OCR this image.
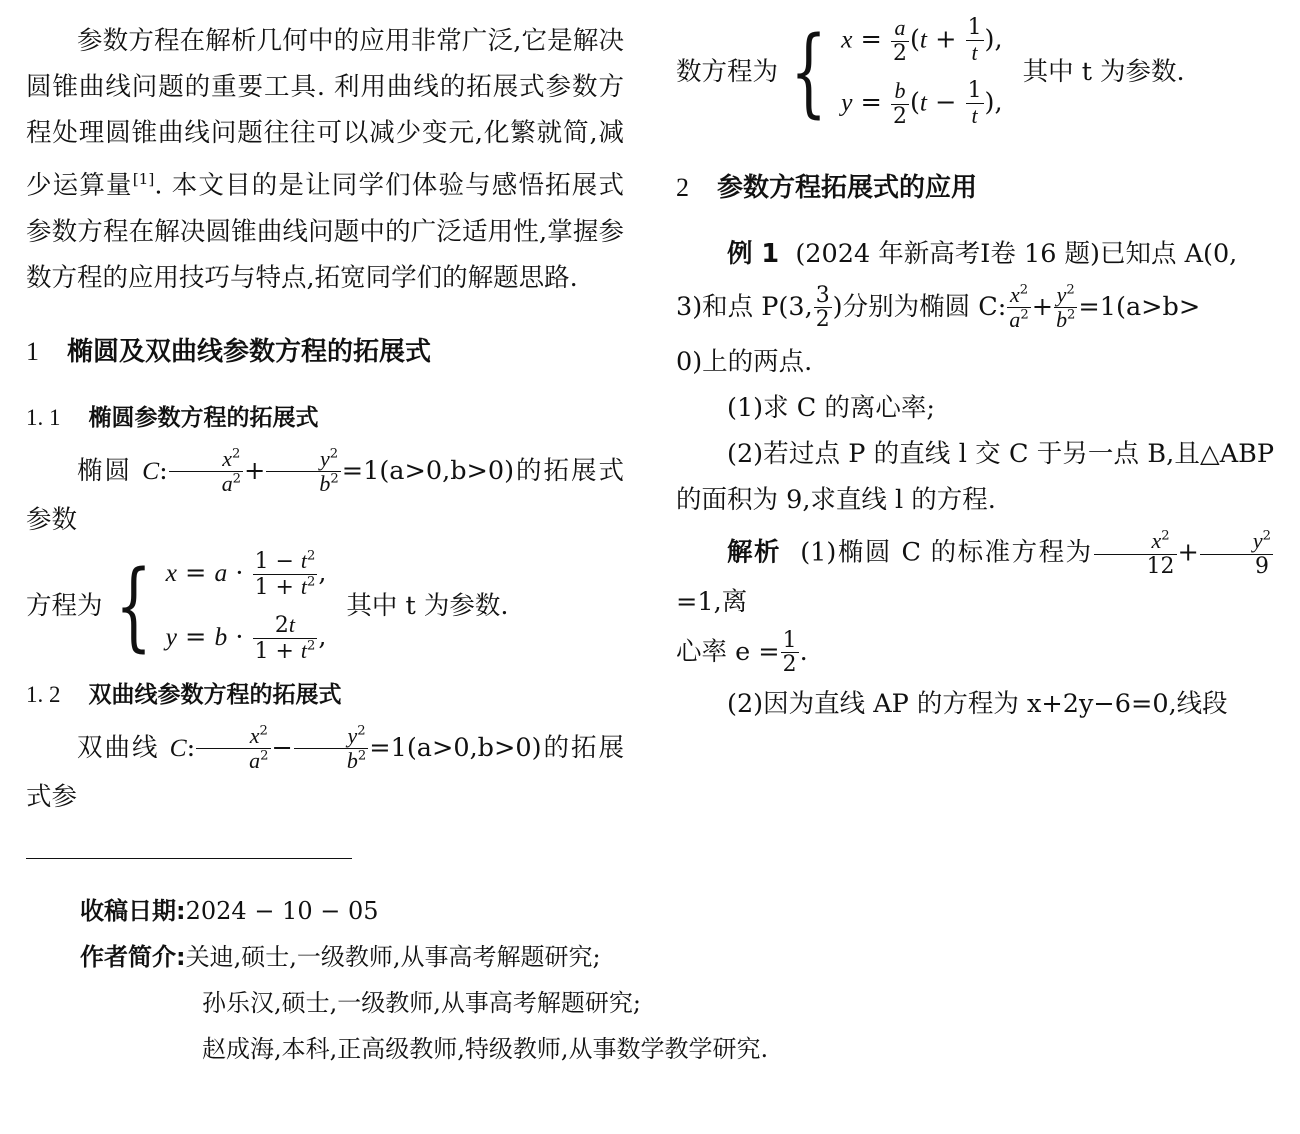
参数方程在解析几何中的应用非常广泛,它是解决圆锥曲线问题的重要工具. 利用曲线的拓展式参数方程处理圆锥曲线问题往往可以减少变元,化繁就简,减少运算量[1]. 本文目的是让同学们体验与感悟拓展式参数方程在解决圆锥曲线问题中的广泛适用性,掌握参数方程的应用技巧与特点,拓宽同学们的解题思路.

1 椭圆及双曲线参数方程的拓展式
1. 1 椭圆参数方程的拓展式

椭圆 C: $\frac{x^2}{a^2} + \frac{y^2}{b^2} =1(a>0,b>0)$的拓展式参数

方程为 { $x = a \cdot \frac{1 - t^2}{1 + t^2}$ ,
$y = b \cdot \frac{2t}{1 + t^2}$ ,
其中 t 为参数.
1. 2 双曲线参数方程的拓展式

双曲线 C: $\frac{x^2}{a^2} - \frac{y^2}{b^2} =1(a>0,b>0)$的拓展式参

数方程为 { $x = \frac{a}{2} (t + \frac{1}{t}$ ),
$y = \frac{b}{2} (t - \frac{1}{t}$ ),
其中 t 为参数.
2 参数方程拓展式的应用

例 1 (2024 年新高考Ⅰ卷 16 题)已知点 A(0,

3)和点 P(3, $\frac{3}{2}$ )分别为椭圆 C: $\frac{x^2}{a^2} + \frac{y^2}{b^2} =1(a>b>$

0)上的两点.

(1)求 C 的离心率;

(2)若过点 P 的直线 l 交 C 于另一点 B,且△ABP 的面积为 9,求直线 l 的方程.

解析 (1)椭圆 C 的标准方程为 $\frac{x^2}{12} + \frac{y^2}{9}$
=1,离

心率 $e = \frac{1}{2}$ .

(2)因为直线 AP 的方程为 x+2y−6=0,线段

收稿日期:2024 − 10 − 05
作者简介:关迪,硕士,一级教师,从事高考解题研究;
孙乐汉,硕士,一级教师,从事高考解题研究;
赵成海,本科,正高级教师,特级教师,从事数学教学研究.
